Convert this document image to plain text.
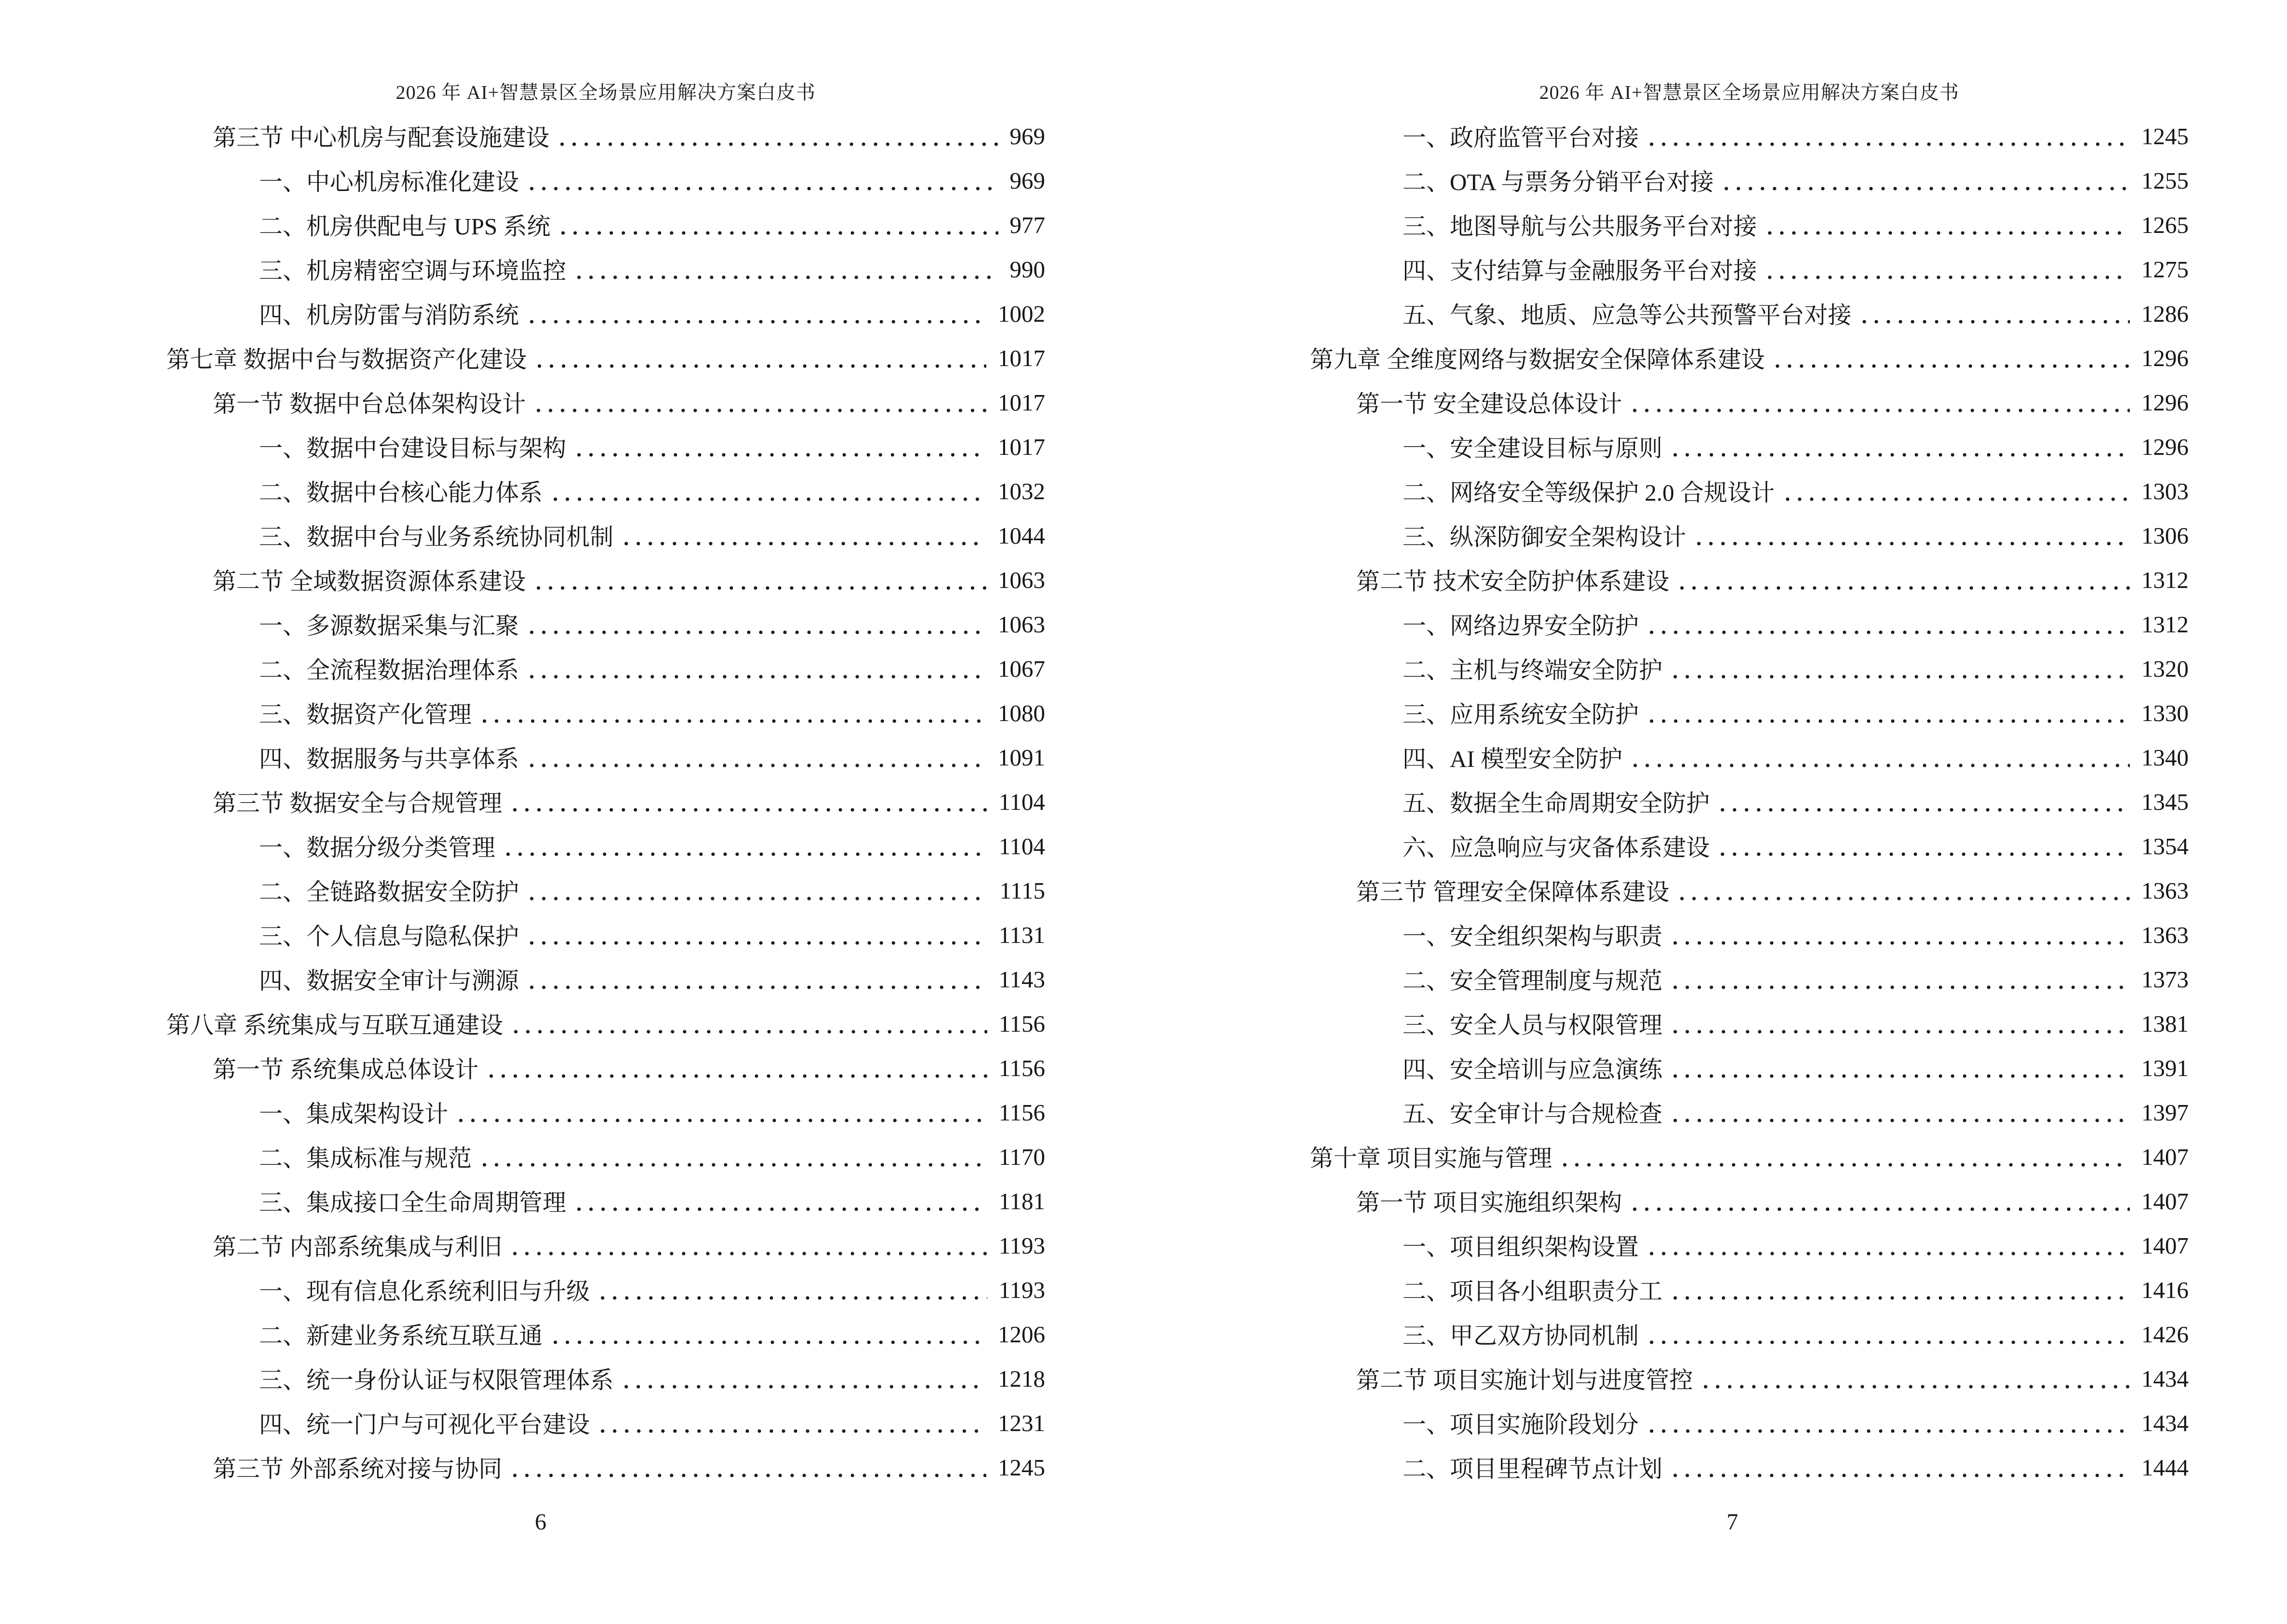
2026 年 AI+智慧景区全场景应用解决方案白皮书
第三节 中心机房与配套设施建设	969
一、中心机房标准化建设	969
二、机房供配电与 UPS 系统	977
三、机房精密空调与环境监控	990
四、机房防雷与消防系统	1002
第七章 数据中台与数据资产化建设	1017
第一节 数据中台总体架构设计	1017
一、数据中台建设目标与架构	1017
二、数据中台核心能力体系	1032
三、数据中台与业务系统协同机制	1044
第二节 全域数据资源体系建设	1063
一、多源数据采集与汇聚	1063
二、全流程数据治理体系	1067
三、数据资产化管理	1080
四、数据服务与共享体系	1091
第三节 数据安全与合规管理	1104
一、数据分级分类管理	1104
二、全链路数据安全防护	1115
三、个人信息与隐私保护	1131
四、数据安全审计与溯源	1143
第八章 系统集成与互联互通建设	1156
第一节 系统集成总体设计	1156
一、集成架构设计	1156
二、集成标准与规范	1170
三、集成接口全生命周期管理	1181
第二节 内部系统集成与利旧	1193
一、现有信息化系统利旧与升级	1193
二、新建业务系统互联互通	1206
三、统一身份认证与权限管理体系	1218
四、统一门户与可视化平台建设	1231
第三节 外部系统对接与协同	1245
6
2026 年 AI+智慧景区全场景应用解决方案白皮书
一、政府监管平台对接	1245
二、OTA 与票务分销平台对接	1255
三、地图导航与公共服务平台对接	1265
四、支付结算与金融服务平台对接	1275
五、气象、地质、应急等公共预警平台对接	1286
第九章 全维度网络与数据安全保障体系建设	1296
第一节 安全建设总体设计	1296
一、安全建设目标与原则	1296
二、网络安全等级保护 2.0 合规设计	1303
三、纵深防御安全架构设计	1306
第二节 技术安全防护体系建设	1312
一、网络边界安全防护	1312
二、主机与终端安全防护	1320
三、应用系统安全防护	1330
四、AI 模型安全防护	1340
五、数据全生命周期安全防护	1345
六、应急响应与灾备体系建设	1354
第三节 管理安全保障体系建设	1363
一、安全组织架构与职责	1363
二、安全管理制度与规范	1373
三、安全人员与权限管理	1381
四、安全培训与应急演练	1391
五、安全审计与合规检查	1397
第十章 项目实施与管理	1407
第一节 项目实施组织架构	1407
一、项目组织架构设置	1407
二、项目各小组职责分工	1416
三、甲乙双方协同机制	1426
第二节 项目实施计划与进度管控	1434
一、项目实施阶段划分	1434
二、项目里程碑节点计划	1444
7
